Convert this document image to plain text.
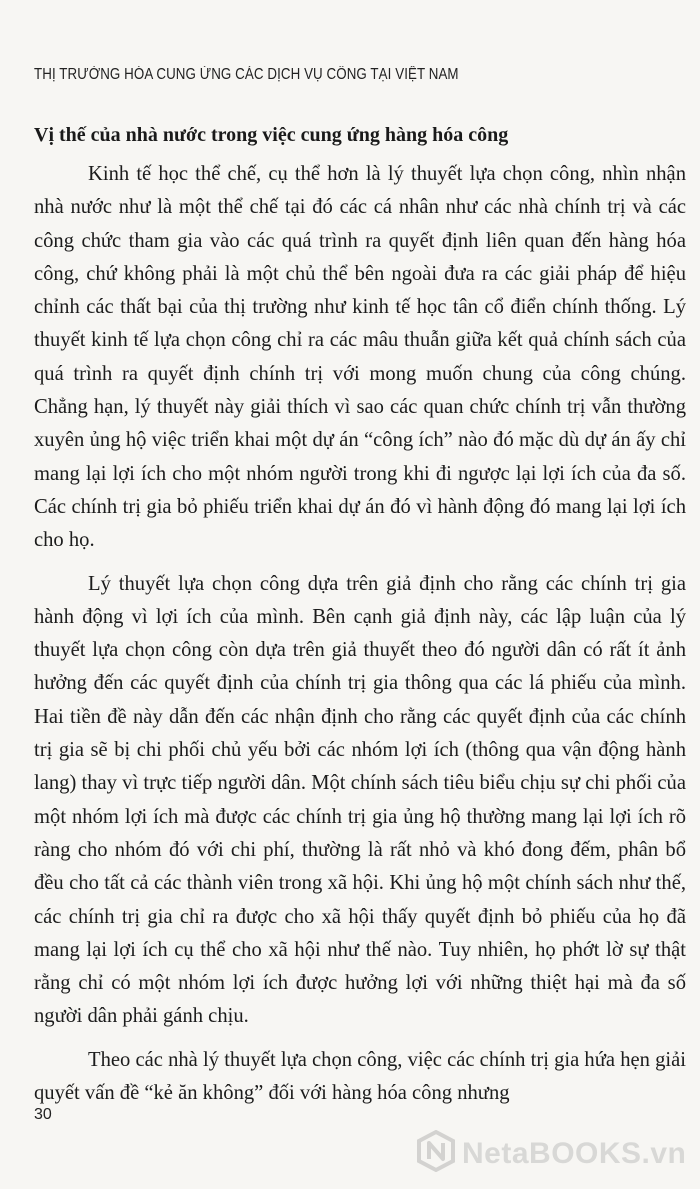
THỊ TRƯỜNG HÓA CUNG ỨNG CÁC DỊCH VỤ CÔNG TẠI VIỆT NAM
Vị thế của nhà nước trong việc cung ứng hàng hóa công

Kinh tế học thể chế, cụ thể hơn là lý thuyết lựa chọn công, nhìn nhận nhà nước như là một thể chế tại đó các cá nhân như các nhà chính trị và các công chức tham gia vào các quá trình ra quyết định liên quan đến hàng hóa công, chứ không phải là một chủ thể bên ngoài đưa ra các giải pháp để hiệu chỉnh các thất bại của thị trường như kinh tế học tân cổ điển chính thống. Lý thuyết kinh tế lựa chọn công chỉ ra các mâu thuẫn giữa kết quả chính sách của quá trình ra quyết định chính trị với mong muốn chung của công chúng. Chẳng hạn, lý thuyết này giải thích vì sao các quan chức chính trị vẫn thường xuyên ủng hộ việc triển khai một dự án “công ích” nào đó mặc dù dự án ấy chỉ mang lại lợi ích cho một nhóm người trong khi đi ngược lại lợi ích của đa số. Các chính trị gia bỏ phiếu triển khai dự án đó vì hành động đó mang lại lợi ích cho họ.

Lý thuyết lựa chọn công dựa trên giả định cho rằng các chính trị gia hành động vì lợi ích của mình. Bên cạnh giả định này, các lập luận của lý thuyết lựa chọn công còn dựa trên giả thuyết theo đó người dân có rất ít ảnh hưởng đến các quyết định của chính trị gia thông qua các lá phiếu của mình. Hai tiền đề này dẫn đến các nhận định cho rằng các quyết định của các chính trị gia sẽ bị chi phối chủ yếu bởi các nhóm lợi ích (thông qua vận động hành lang) thay vì trực tiếp người dân. Một chính sách tiêu biểu chịu sự chi phối của một nhóm lợi ích mà được các chính trị gia ủng hộ thường mang lại lợi ích rõ ràng cho nhóm đó với chi phí, thường là rất nhỏ và khó đong đếm, phân bổ đều cho tất cả các thành viên trong xã hội. Khi ủng hộ một chính sách như thế, các chính trị gia chỉ ra được cho xã hội thấy quyết định bỏ phiếu của họ đã mang lại lợi ích cụ thể cho xã hội như thế nào. Tuy nhiên, họ phớt lờ sự thật rằng chỉ có một nhóm lợi ích được hưởng lợi với những thiệt hại mà đa số người dân phải gánh chịu.

Theo các nhà lý thuyết lựa chọn công, việc các chính trị gia hứa hẹn giải quyết vấn đề “kẻ ăn không” đối với hàng hóa công nhưng

30
NetaBOOKS.vn
